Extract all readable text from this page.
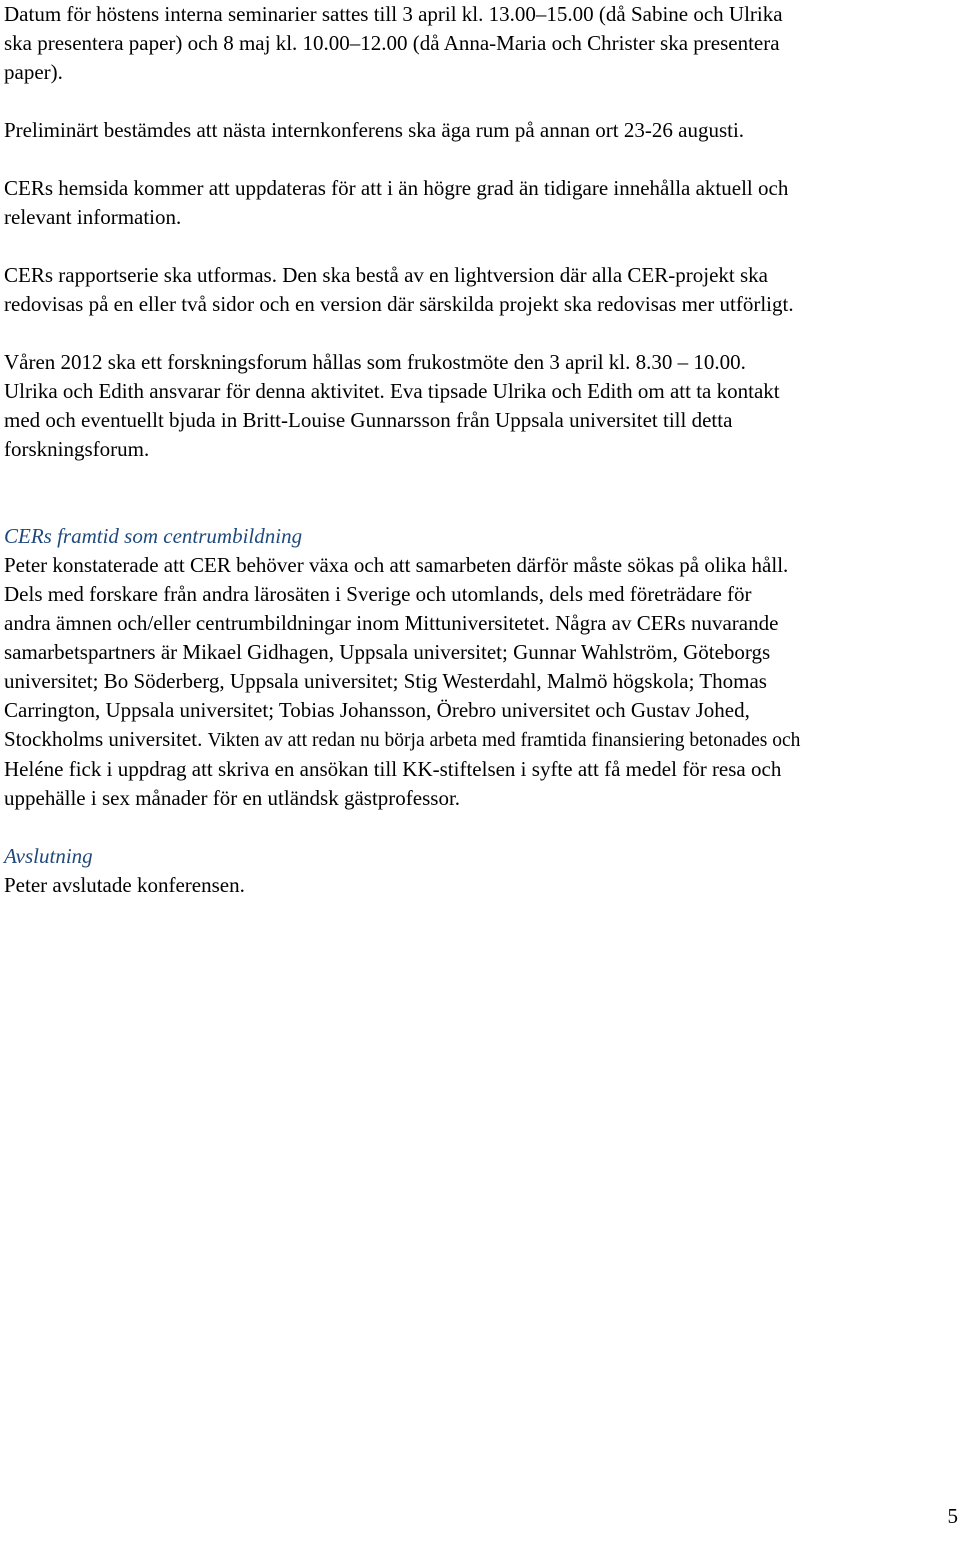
Datum för höstens interna seminarier sattes till 3 april kl. 13.00–15.00 (då Sabine och Ulrika
ska presentera paper) och 8 maj kl. 10.00–12.00 (då Anna-Maria och Christer ska presentera
paper).

Preliminärt bestämdes att nästa internkonferens ska äga rum på annan ort 23-26 augusti.

CERs hemsida kommer att uppdateras för att i än högre grad än tidigare innehålla aktuell och
relevant information.

CERs rapportserie ska utformas. Den ska bestå av en lightversion där alla CER-projekt ska
redovisas på en eller två sidor och en version där särskilda projekt ska redovisas mer utförligt.

Våren 2012 ska ett forskningsforum hållas som frukostmöte den 3 april kl. 8.30 – 10.00.
Ulrika och Edith ansvarar för denna aktivitet. Eva tipsade Ulrika och Edith om att ta kontakt
med och eventuellt bjuda in Britt-Louise Gunnarsson från Uppsala universitet till detta
forskningsforum.

CERs framtid som centrumbildning
Peter konstaterade att CER behöver växa och att samarbeten därför måste sökas på olika håll.
Dels med forskare från andra lärosäten i Sverige och utomlands, dels med företrädare för
andra ämnen och/eller centrumbildningar inom Mittuniversitetet. Några av CERs nuvarande
samarbetspartners är Mikael Gidhagen, Uppsala universitet; Gunnar Wahlström, Göteborgs
universitet; Bo Söderberg, Uppsala universitet; Stig Westerdahl, Malmö högskola; Thomas
Carrington, Uppsala universitet; Tobias Johansson, Örebro universitet och Gustav Johed,
Stockholms universitet. Vikten av att redan nu börja arbeta med framtida finansiering betonades och
Heléne fick i uppdrag att skriva en ansökan till KK-stiftelsen i syfte att få medel för resa och
uppehälle i sex månader för en utländsk gästprofessor.

Avslutning
Peter avslutade konferensen.

5
